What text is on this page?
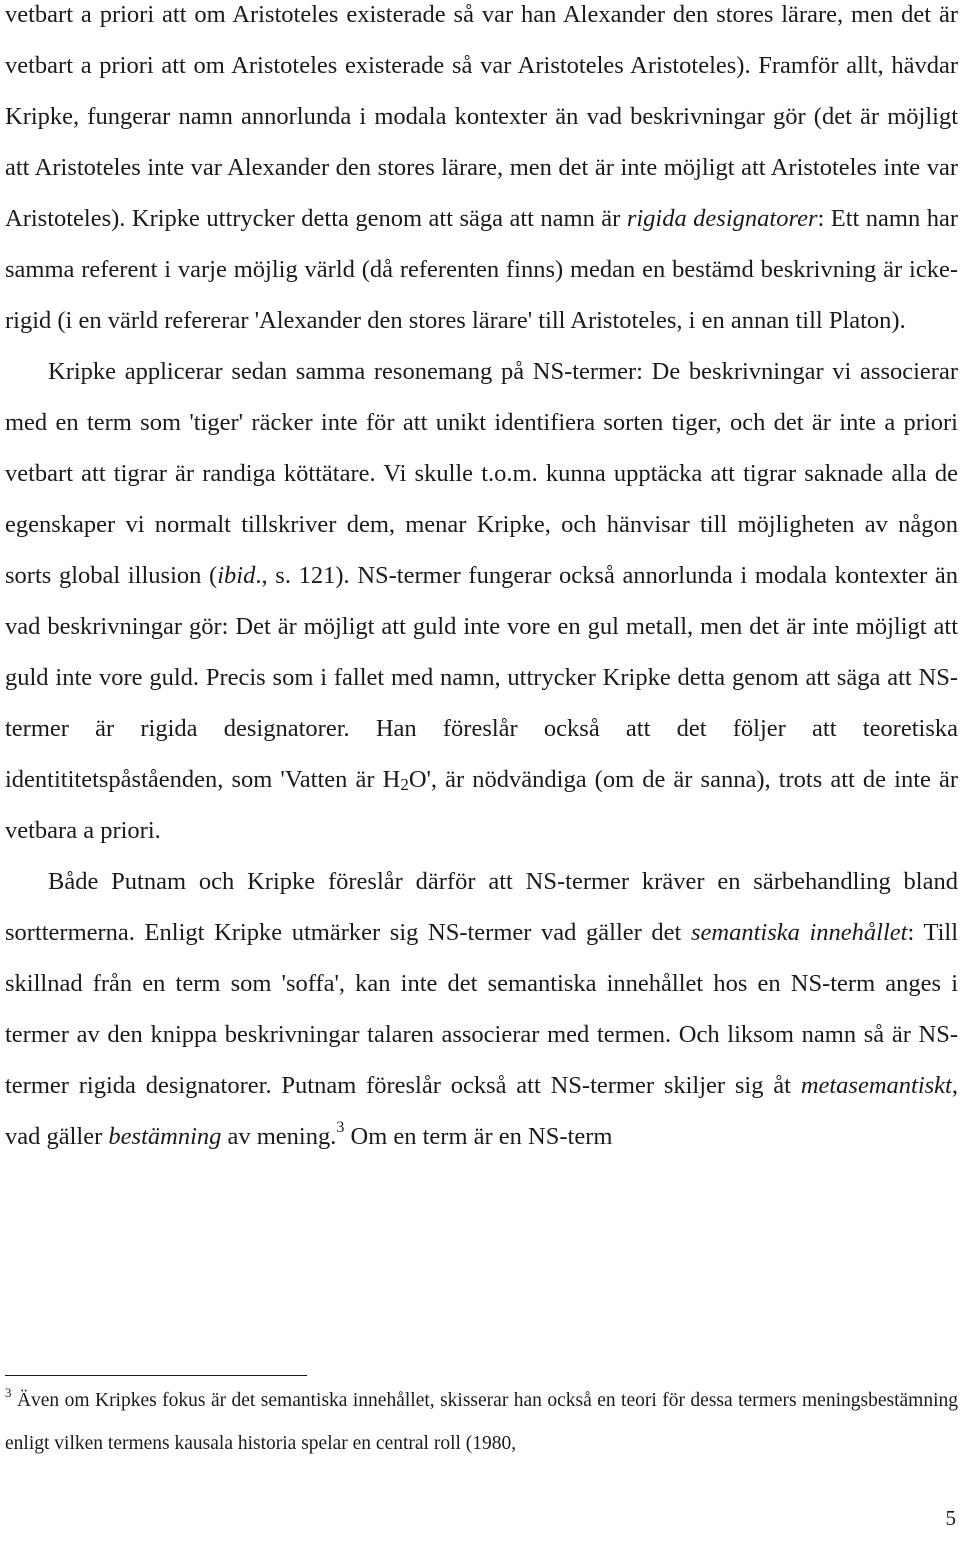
vetbart a priori att om Aristoteles existerade så var han Alexander den stores lärare, men det är vetbart a priori att om Aristoteles existerade så var Aristoteles Aristoteles). Framför allt, hävdar Kripke, fungerar namn annorlunda i modala kontexter än vad beskrivningar gör (det är möjligt att Aristoteles inte var Alexander den stores lärare, men det är inte möjligt att Aristoteles inte var Aristoteles). Kripke uttrycker detta genom att säga att namn är rigida designatorer: Ett namn har samma referent i varje möjlig värld (då referenten finns) medan en bestämd beskrivning är icke-rigid (i en värld refererar 'Alexander den stores lärare' till Aristoteles, i en annan till Platon).

Kripke applicerar sedan samma resonemang på NS-termer: De beskrivningar vi associerar med en term som 'tiger' räcker inte för att unikt identifiera sorten tiger, och det är inte a priori vetbart att tigrar är randiga köttätare. Vi skulle t.o.m. kunna upptäcka att tigrar saknade alla de egenskaper vi normalt tillskriver dem, menar Kripke, och hänvisar till möjligheten av någon sorts global illusion (ibid., s. 121). NS-termer fungerar också annorlunda i modala kontexter än vad beskrivningar gör: Det är möjligt att guld inte vore en gul metall, men det är inte möjligt att guld inte vore guld. Precis som i fallet med namn, uttrycker Kripke detta genom att säga att NS-termer är rigida designatorer. Han föreslår också att det följer att teoretiska identititetspåståenden, som 'Vatten är $H_2O'$, är nödvändiga (om de är sanna), trots att de inte är vetbara a priori.

Både Putnam och Kripke föreslår därför att NS-termer kräver en särbehandling bland sorttermerna. Enligt Kripke utmärker sig NS-termer vad gäller det semantiska innehållet: Till skillnad från en term som 'soffa', kan inte det semantiska innehållet hos en NS-term anges i termer av den knippa beskrivningar talaren associerar med termen. Och liksom namn så är NS-termer rigida designatorer. Putnam föreslår också att NS-termer skiljer sig åt metasemantiskt, vad gäller bestämning av mening.$^3$ Om en term är en NS-term

$^3$ Även om Kripkes fokus är det semantiska innehållet, skisserar han också en teori för dessa termers meningsbestämning enligt vilken termens kausala historia spelar en central roll (1980,

5
